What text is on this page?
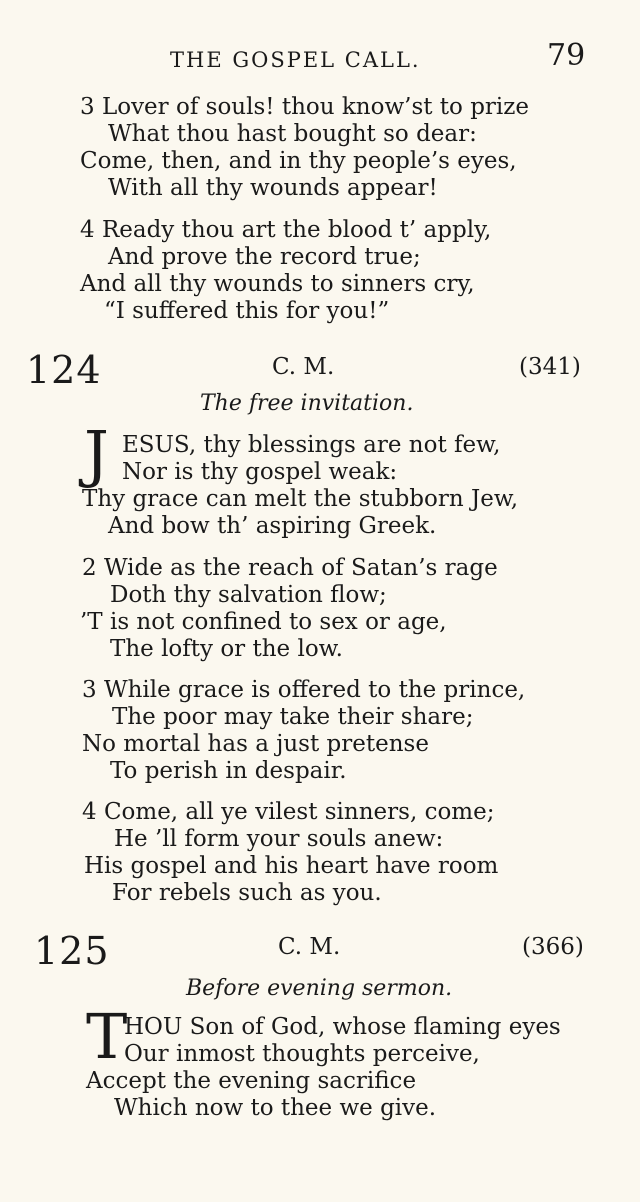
THE GOSPEL CALL.	79
3 Lover of souls! thou know’st to prize
What thou hast bought so dear:
Come, then, and in thy people’s eyes,
With all thy wounds appear!
4 Ready thou art the blood t’ apply,
And prove the record true;
And all thy wounds to sinners cry,
“I suffered this for you!”
124	C. M.	(341)
The free invitation.
J ESUS, thy blessings are not few,
Nor is thy gospel weak:
Thy grace can melt the stubborn Jew,
And bow th’ aspiring Greek.
2 Wide as the reach of Satan’s rage
Doth thy salvation flow;
’T is not confined to sex or age,
The lofty or the low.
3 While grace is offered to the prince,
The poor may take their share;
No mortal has a just pretense
To perish in despair.
4 Come, all ye vilest sinners, come;
He ’ll form your souls anew:
His gospel and his heart have room
For rebels such as you.
125	C. M.	(366)
Before evening sermon.
T
HOU Son of God, whose flaming eyes
Our inmost thoughts perceive,
Accept the evening sacrifice
Which now to thee we give.
